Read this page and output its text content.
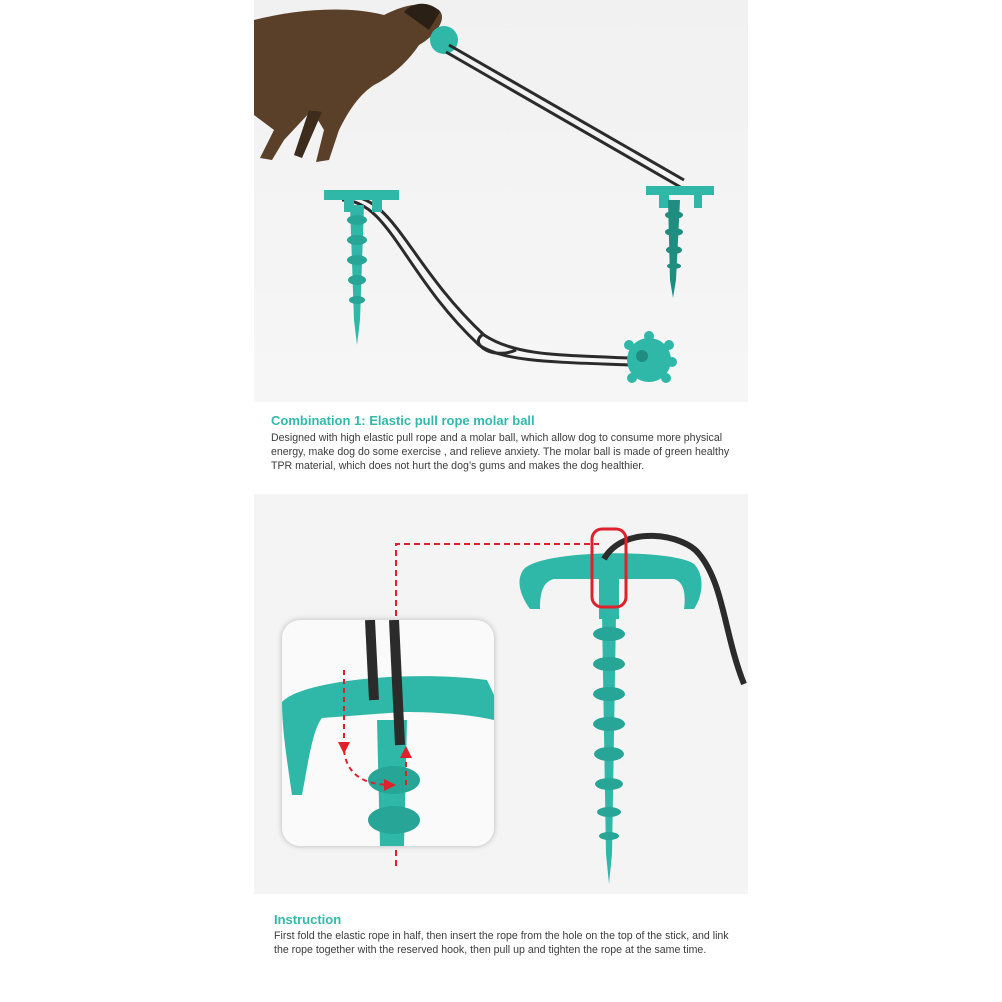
Combination 1: Elastic pull rope molar ball

Designed with high elastic pull rope and a molar ball, which allow dog to consume more physical energy, make dog do some exercise , and relieve anxiety. The molar ball is made of green healthy TPR material, which does not hurt the dog’s gums and makes the dog healthier.

Instruction

First fold the elastic rope in half, then insert the rope from the hole on the top of the stick, and link the rope together with the reserved hook, then pull up and tighten the rope at the same time.
